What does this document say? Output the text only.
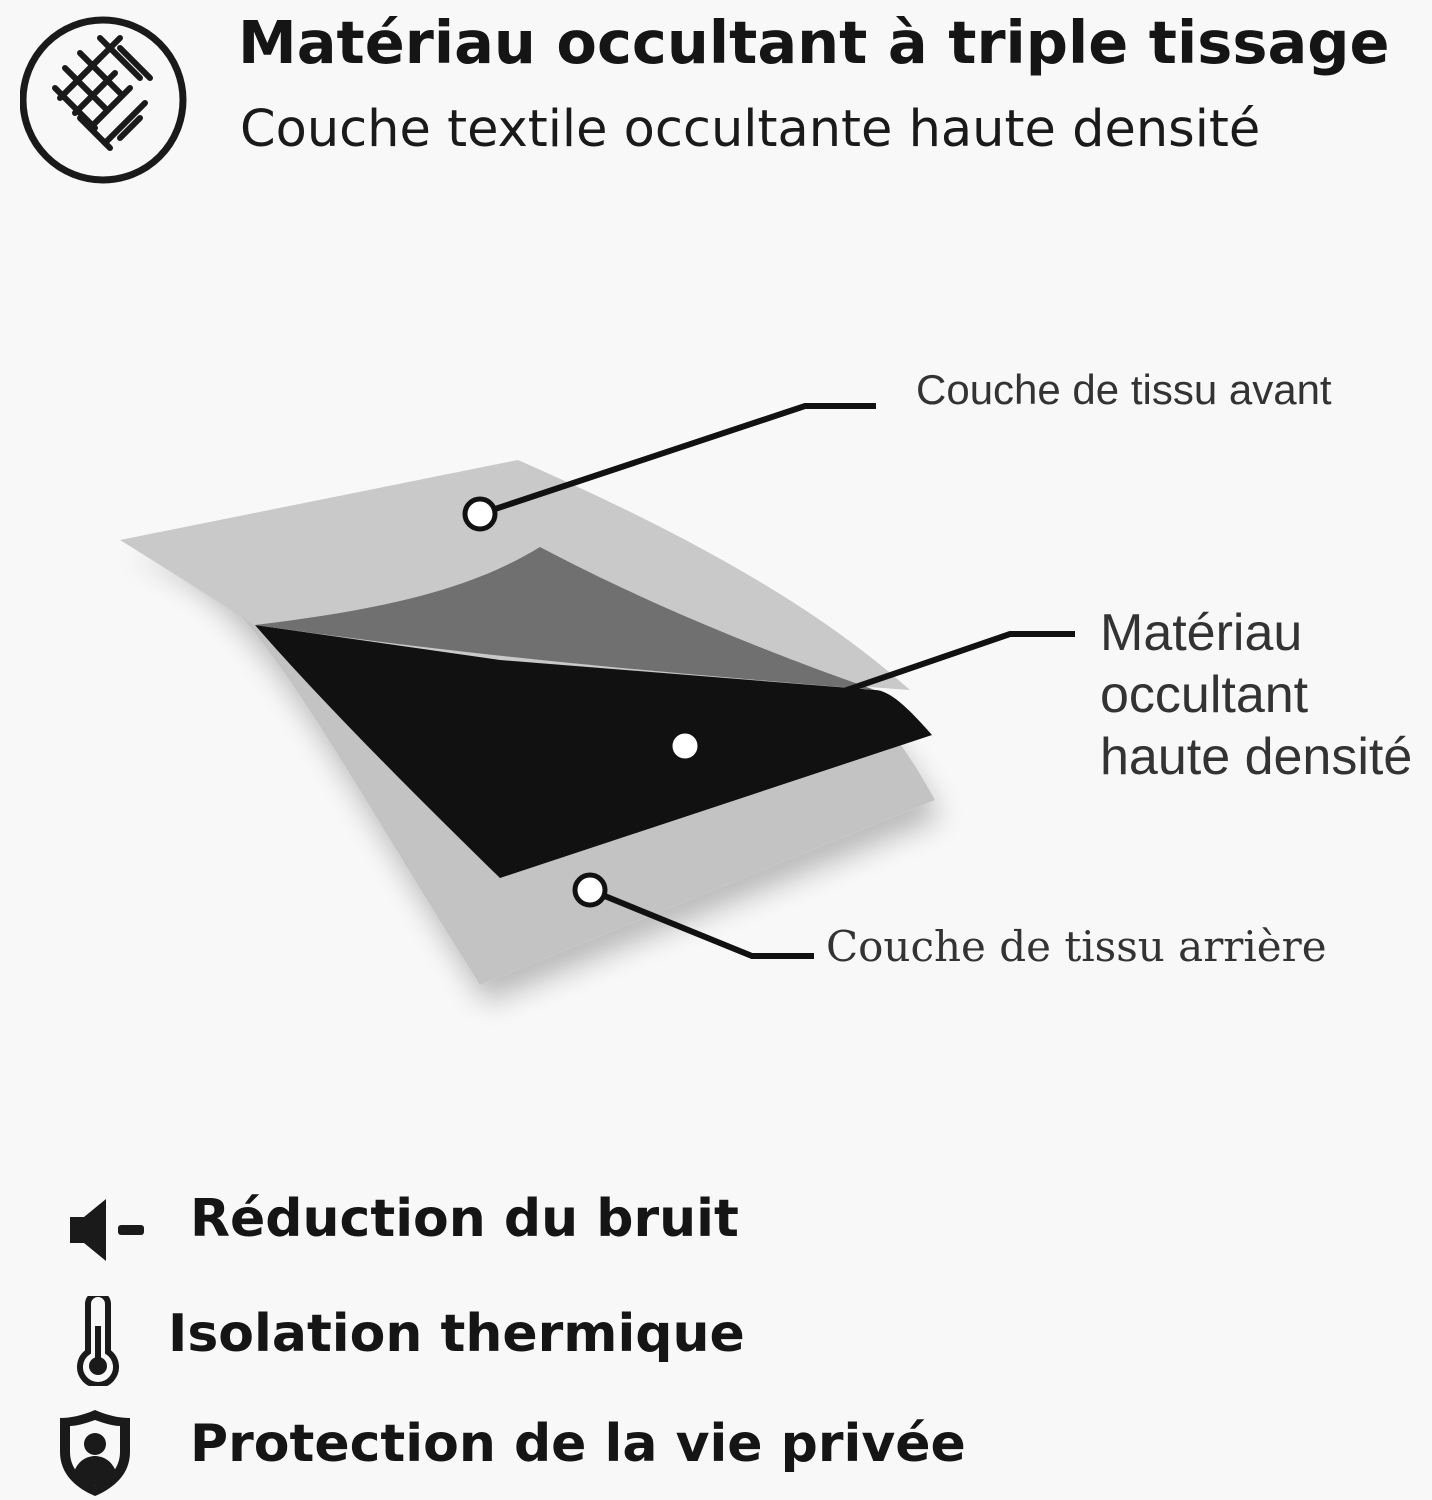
Matériau occultant à triple tissage
Couche textile occultante haute densité
Couche de tissu avant
Matériau occultant haute densité
Couche de tissu arrière
Réduction du bruit
Isolation thermique
Protection de la vie privée
